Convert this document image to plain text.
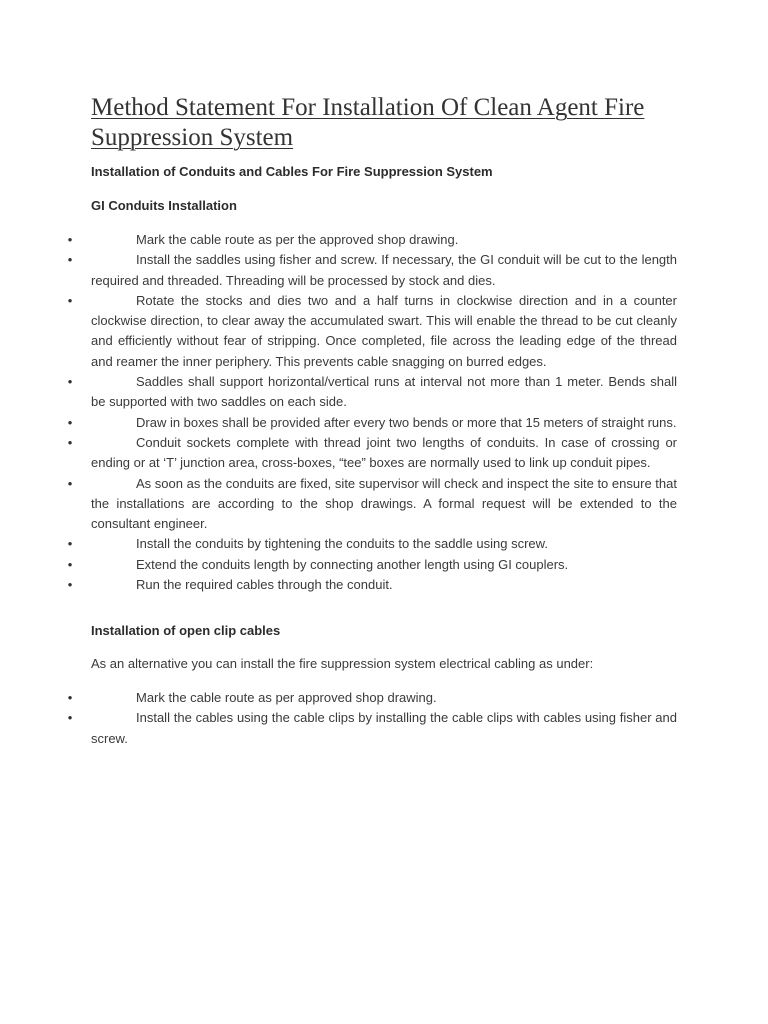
Method Statement For Installation Of Clean Agent Fire Suppression System
Installation of Conduits and Cables For Fire Suppression System
GI Conduits Installation
•	Mark the cable route as per the approved shop drawing.
•	Install the saddles using fisher and screw. If necessary, the GI conduit will be cut to the length required and threaded. Threading will be processed by stock and dies.
•	Rotate the stocks and dies two and a half turns in clockwise direction and in a counter clockwise direction, to clear away the accumulated swart. This will enable the thread to be cut cleanly and efficiently without fear of stripping. Once completed, file across the leading edge of the thread and reamer the inner periphery. This prevents cable snagging on burred edges.
•	Saddles shall support horizontal/vertical runs at interval not more than 1 meter. Bends shall be supported with two saddles on each side.
•	Draw in boxes shall be provided after every two bends or more that 15 meters of straight runs.
•	Conduit sockets complete with thread joint two lengths of conduits. In case of crossing or ending or at ‘T’ junction area, cross-boxes, “tee” boxes are normally used to link up conduit pipes.
•	As soon as the conduits are fixed, site supervisor will check and inspect the site to ensure that the installations are according to the shop drawings. A formal request will be extended to the consultant engineer.
•	Install the conduits by tightening the conduits to the saddle using screw.
•	Extend the conduits length by connecting another length using GI couplers.
•	Run the required cables through the conduit.
Installation of open clip cables

As an alternative you can install the fire suppression system electrical cabling as under:

•	Mark the cable route as per approved shop drawing.
•	Install the cables using the cable clips by installing the cable clips with cables using fisher and screw.
